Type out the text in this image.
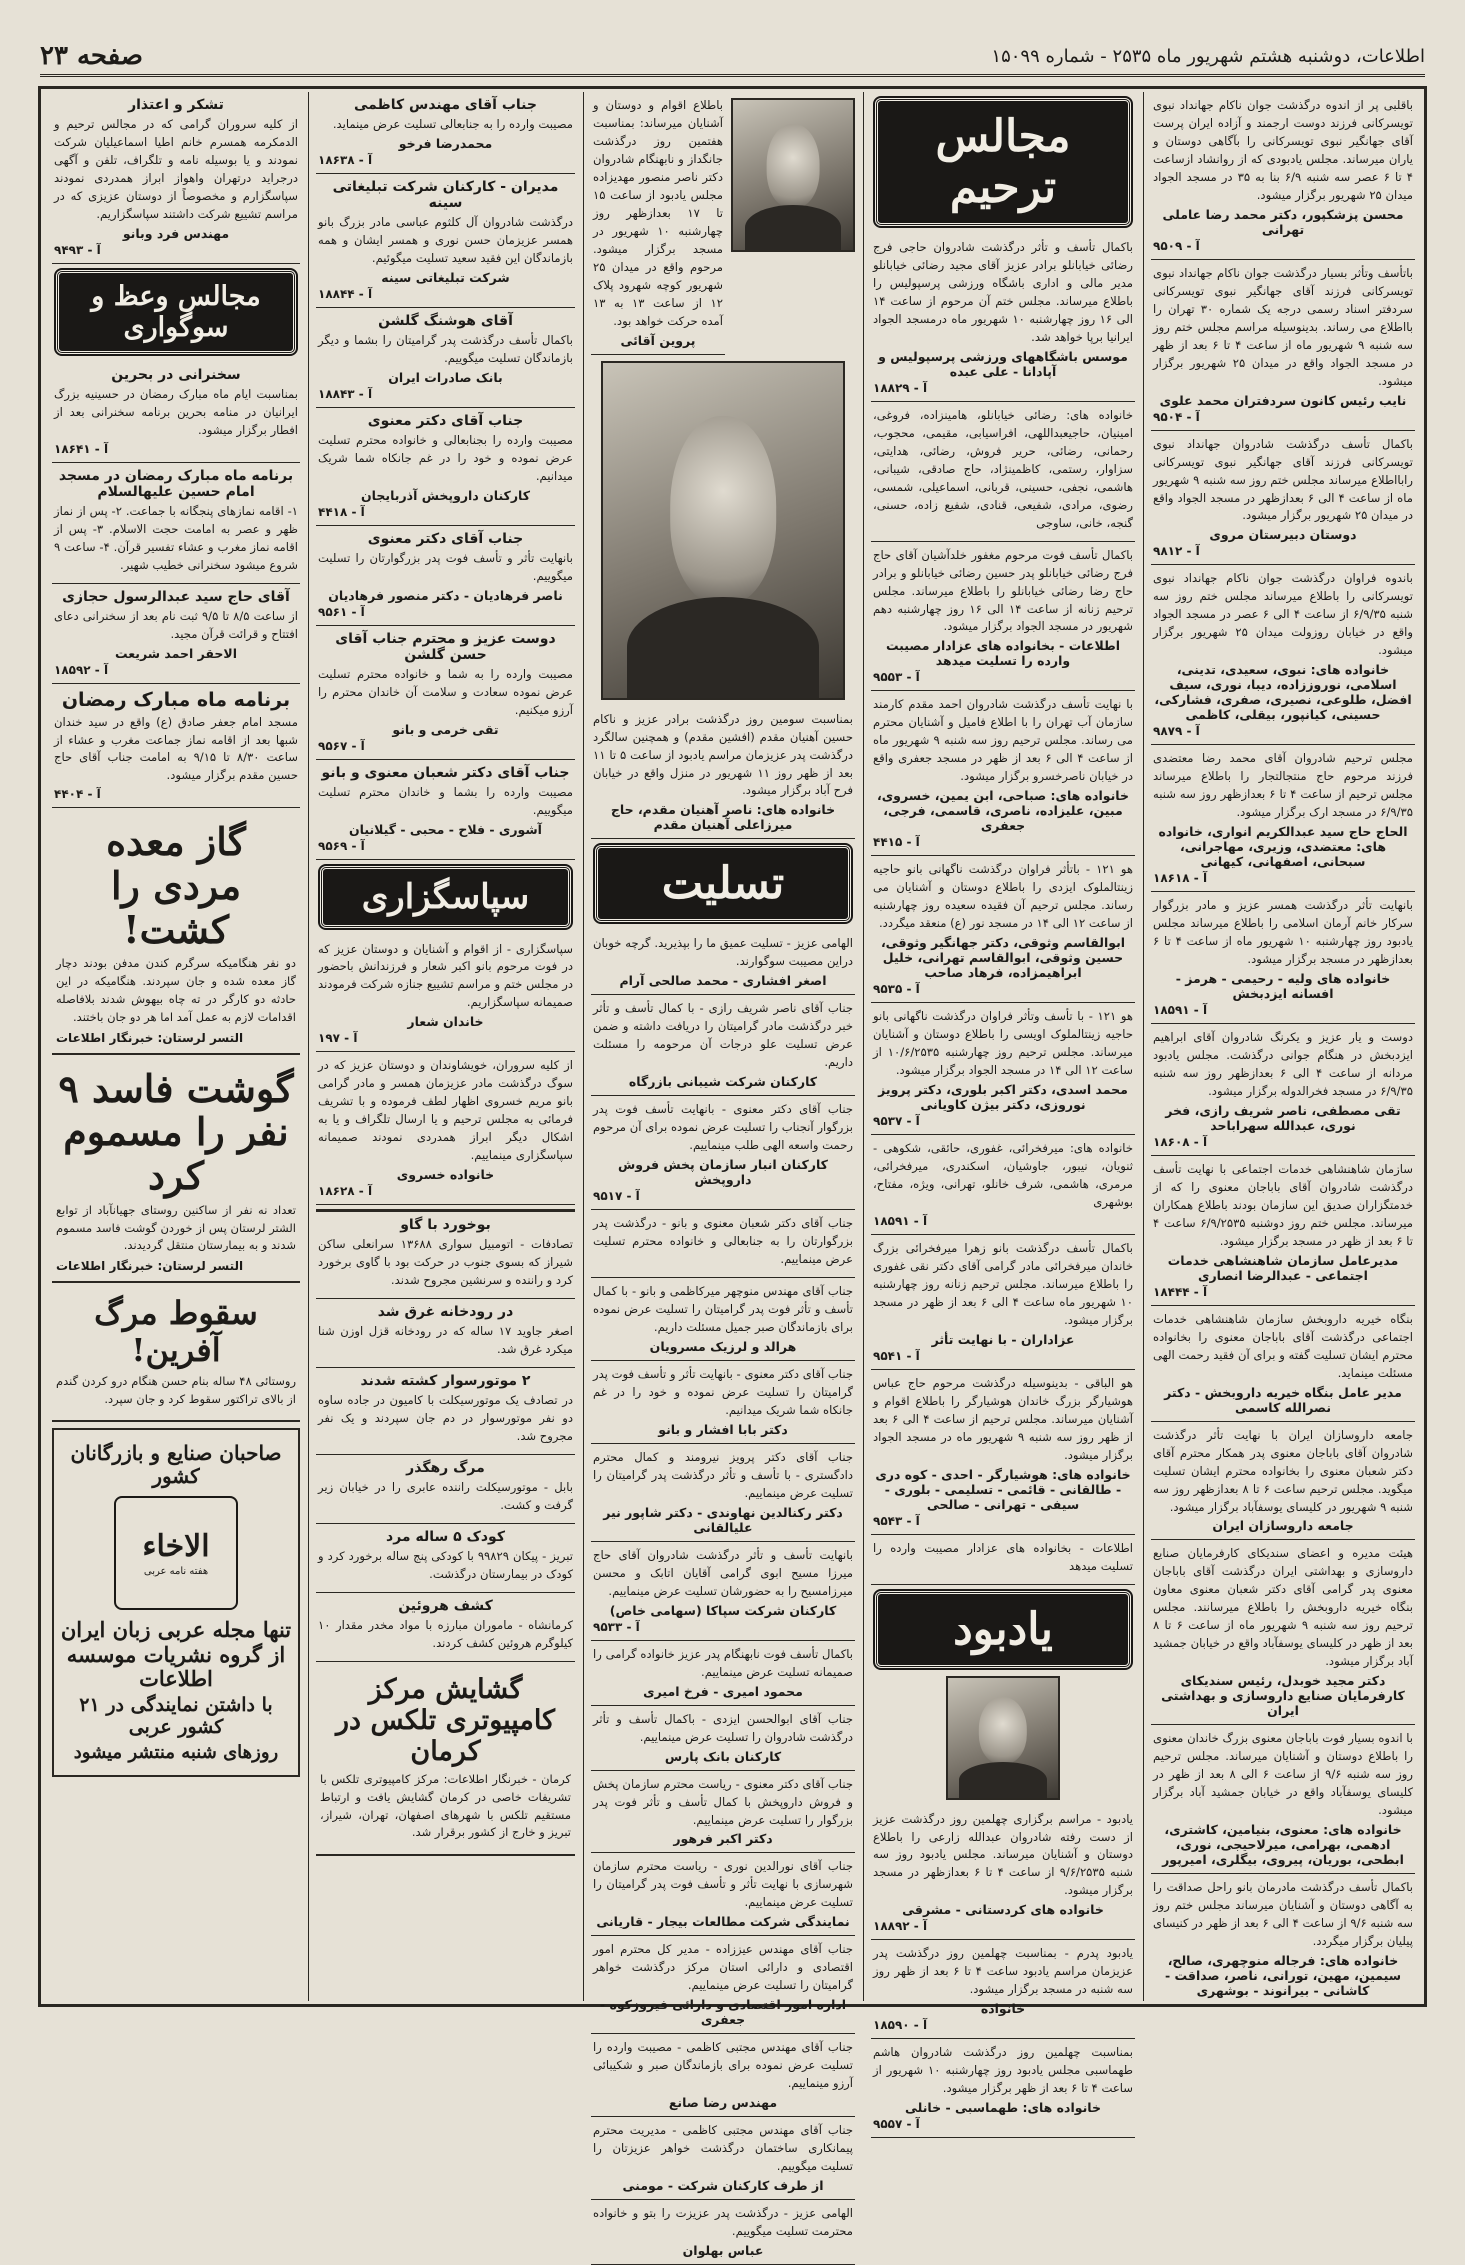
اطلاعات، دوشنبه هشتم شهریور ماه ۲۵۳۵ - شماره ۱۵۰۹۹
صفحه ۲۳

باقلبی پر از اندوه درگذشت جوان ناکام جهانداد نبوی تویسرکانی فرزند دوست ارجمند و آزاده ایران پرست آقای جهانگیر نبوی تویسرکانی را بآگاهی دوستان و یاران میرساند. مجلس یادبودی که از روانشاد ازساعت ۴ تا ۶ عصر سه شنبه ۶/۹ بنا به ۳۵ در مسجد الجواد میدان ۲۵ شهریور برگزار میشود.

محسن پزشکپور، دکتر محمد رضا عاملی تهرانی
۹۵۰۹ - آ

باتأسف وتأثر بسیار درگذشت جوان ناکام جهانداد نبوی تویسرکانی فرزند آقای جهانگیر نبوی تویسرکانی سردفتر اسناد رسمی درجه یک شماره ۳۰ تهران را بااطلاع می رساند. بدینوسیله مراسم مجلس ختم روز سه شنبه ۹ شهریور ماه از ساعت ۴ تا ۶ بعد از ظهر در مسجد الجواد واقع در میدان ۲۵ شهریور برگزار میشود.

نایب رئیس کانون سردفتران محمد علوی
۹۵۰۴ - آ

باکمال تأسف درگذشت شادروان جهانداد نبوی تویسرکانی فرزند آقای جهانگیر نبوی تویسرکانی رابااطلاع میرساند مجلس ختم روز سه شنبه ۹ شهریور ماه از ساعت ۴ الی ۶ بعدازظهر در مسجد الجواد واقع در میدان ۲۵ شهریور برگزار میشود.

دوستان دبیرستان مروی
۹۸۱۲ - آ

باندوه فراوان درگذشت جوان ناکام جهانداد نبوی تویسرکانی را باطلاع میرساند مجلس ختم روز سه شنبه ۶/۹/۳۵ از ساعت ۴ الی ۶ عصر در مسجد الجواد واقع در خیابان روزولت میدان ۲۵ شهریور برگزار میشود.

خانواده های: نبوی، سعیدی، تدینی، اسلامی، نوروززاده، دیبا، نوری، سیف افضل، طلوعی، نصیری، صفری، فشارکی، حسینی، کیانپور، بیقلی، کاظمی
۹۸۷۹ - آ

مجلس ترحیم شادروان آقای محمد رضا معتضدی فرزند مرحوم حاج منتجالتجار را باطلاع میرساند مجلس ترحیم از ساعت ۴ تا ۶ بعدازظهر روز سه شنبه ۶/۹/۳۵ در مسجد ارک برگزار میشود.

الحاج حاج سید عبدالکریم انواری، خانواده های: معتضدی، وزیری، مهاجرانی، سبحانی، اصفهانی، کیهانی
۱۸۶۱۸ - آ

بانهایت تأثر درگذشت همسر عزیز و مادر بزرگوار سرکار خانم آرمان اسلامی را باطلاع میرساند مجلس یادبود روز چهارشنبه ۱۰ شهریور ماه از ساعت ۴ تا ۶ بعدازظهر در مسجد برگزار میشود.

خانواده های ولیه - رحیمی - هرمز - افسانه ایزدبخش
۱۸۵۹۱ - آ

دوست و یار عزیز و یکرنگ شادروان آقای ابراهیم ایزدبخش در هنگام جوانی درگذشت. مجلس یادبود مردانه از ساعت ۴ الی ۶ بعدازظهر روز سه شنبه ۶/۹/۳۵ در مسجد فخرالدوله برگزار میشود.

تقی مصطفی، ناصر شریف رازی، فخر نوری، عبدالله سهراباحد
۱۸۶۰۸ - آ

سازمان شاهنشاهی خدمات اجتماعی با نهایت تأسف درگذشت شادروان آقای باباجان معنوی را که از خدمتگزاران صدیق این سازمان بودند باطلاع همکاران میرساند. مجلس ختم روز دوشنبه ۶/۹/۲۵۳۵ ساعت ۴ تا ۶ بعد از ظهر در مسجد برگزار میشود.

مدیرعامل سازمان شاهنشاهی خدمات اجتماعی - عبدالرضا انصاری
۱۸۴۴۴ - آ

بنگاه خیریه داروبخش سازمان شاهنشاهی خدمات اجتماعی درگذشت آقای باباجان معنوی را بخانواده محترم ایشان تسلیت گفته و برای آن فقید رحمت الهی مسئلت مینماید.

مدیر عامل بنگاه خیریه داروبخش - دکتر نصرالله کاسمی

جامعه داروسازان ایران با نهایت تأثر درگذشت شادروان آقای باباجان معنوی پدر همکار محترم آقای دکتر شعبان معنوی را بخانواده محترم ایشان تسلیت میگوید. مجلس ترحیم ساعت ۶ تا ۸ بعدازظهر روز سه شنبه ۹ شهریور در کلیسای یوسفآباد برگزار میشود.

جامعه داروسازان ایران

هیئت مدیره و اعضای سندیکای کارفرمایان صنایع داروسازی و بهداشتی ایران درگذشت آقای باباجان معنوی پدر گرامی آقای دکتر شعبان معنوی معاون بنگاه خیریه داروبخش را باطلاع میرسانند. مجلس ترحیم روز سه شنبه ۹ شهریور ماه از ساعت ۶ تا ۸ بعد از ظهر در کلیسای یوسفآباد واقع در خیابان جمشید آباد برگزار میشود.

دکتر مجید خوبدل، رئیس سندیکای کارفرمایان صنایع داروسازی و بهداشتی ایران

با اندوه بسیار فوت باباجان معنوی بزرگ خاندان معنوی را باطلاع دوستان و آشنایان میرساند. مجلس ترحیم روز سه شنبه ۹/۶ از ساعت ۶ الی ۸ بعد از ظهر در کلیسای یوسفآباد واقع در خیابان جمشید آباد برگزار میشود.

خانواده های: معنوی، بنیامین، کاشتری، ادهمی، بهرامی، میرلاحیجی، نوری، ابطحی، بوریان، پیروی، بیگلری، امیرپور

باکمال تأسف درگذشت مادرمان بانو راحل صداقت را به آگاهی دوستان و آشنایان میرساند مجلس ختم روز سه شنبه ۹/۶ از ساعت ۴ الی ۶ بعد از ظهر در کنیسای پیلیان برگزار میگردد.

خانواده های: فرجاله منوچهری، صالح، سیمین، مهین، تورانی، ناصر، صداقت - کاشانی - بیرانوند - بوشهری
مجالس ترحیم

باکمال تأسف و تأثر درگذشت شادروان حاجی فرج رضائی خیابانلو برادر عزیز آقای مجید رضائی خیابانلو مدیر مالی و اداری باشگاه ورزشی پرسپولیس را باطلاع میرساند. مجلس ختم آن مرحوم از ساعت ۱۴ الی ۱۶ روز چهارشنبه ۱۰ شهریور ماه درمسجد الجواد ایرانیا برپا خواهد شد.

موسس باشگاههای ورزشی پرسپولیس و آپادانا - علی عبده
۱۸۸۲۹ - آ

خانواده های: رضائی خیابانلو، هامینزاده، فروغی، امینیان، حاجیعبداللهی، افراسیابی، مقیمی، محجوب، رحمانی، رضائی، حریر فروش، رضائی، هدایتی، سزاوار، رستمی، کاظمینژاد، حاج صادقی، شیبانی، هاشمی، نجفی، حسینی، قربانی، اسماعیلی، شمسی، رضوی، مرادی، شفیعی، قنادی، شفیع زاده، حسنی، گنجه، خانی، ساوجی

باکمال تأسف فوت مرحوم مغفور خلدآشیان آقای حاج فرج رضائی خیابانلو پدر حسین رضائی خیابانلو و برادر حاج رضا رضائی خیابانلو را باطلاع میرساند. مجلس ترحیم زنانه از ساعت ۱۴ الی ۱۶ روز چهارشنبه دهم شهریور در مسجد الجواد برگزار میشود.

اطلاعات - بخانواده های عزادار مصیبت وارده را تسلیت میدهد
۹۵۵۳ - آ

با نهایت تأسف درگذشت شادروان احمد مقدم کارمند سازمان آب تهران را با اطلاع فامیل و آشنایان محترم می رساند. مجلس ترحیم روز سه شنبه ۹ شهریور ماه از ساعت ۴ الی ۶ بعد از ظهر در مسجد جعفری واقع در خیابان ناصرخسرو برگزار میشود.

خانواده های: صباحی، ابن یمین، خسروی، مبین، علیزاده، ناصری، قاسمی، فرجی، جعفری
۴۴۱۵ - آ

هو ۱۲۱ - باتأثر فراوان درگذشت ناگهانی بانو حاجیه زینتالملوک ایزدی را باطلاع دوستان و آشنایان می رساند. مجلس ترحیم آن فقیده سعیده روز چهارشنبه از ساعت ۱۲ الی ۱۴ در مسجد نور (ع) منعقد میگردد.

ابوالقاسم وثوقی، دکتر جهانگیر وثوقی، حسین وثوقی، ابوالقاسم تهرانی، خلیل ابراهیمزاده، فرهاد صاحب
۹۵۳۵ - آ

هو ۱۲۱ - با تأسف وتأثر فراوان درگذشت ناگهانی بانو حاجیه زینتالملوک اویسی را باطلاع دوستان و آشنایان میرساند. مجلس ترحیم روز چهارشنبه ۱۰/۶/۲۵۳۵ از ساعت ۱۲ الی ۱۴ در مسجد الجواد برگزار میشود.

محمد اسدی، دکتر اکبر بلوری، دکتر پرویز نوروزی، دکتر بیژن کاویانی
۹۵۳۷ - آ

خانواده های: میرفخرائی، غفوری، حائقی، شکوهی - ثنویان، نیبور، جاوشیان، اسکندری، میرفخرائی، مرمری، هاشمی، شرف خانلو، تهرانی، ویژه، مفتاح، بوشهری

۱۸۵۹۱ - آ

باکمال تأسف درگذشت بانو زهرا میرفخرائی بزرگ خاندان میرفخرائی مادر گرامی آقای دکتر نقی غفوری را باطلاع میرساند. مجلس ترحیم زنانه روز چهارشنبه ۱۰ شهریور ماه ساعت ۴ الی ۶ بعد از ظهر در مسجد برگزار میشود.

عزاداران - با نهایت تأثر
۹۵۴۱ - آ

هو الباقی - بدینوسیله درگذشت مرحوم حاج عباس هوشیارگر بزرگ خاندان هوشیارگر را باطلاع اقوام و آشنایان میرساند. مجلس ترحیم از ساعت ۴ الی ۶ بعد از ظهر روز سه شنبه ۹ شهریور ماه در مسجد الجواد برگزار میشود.

خانواده های: هوشیارگر - احدی - کوه دری - طالقانی - قائمی - تسلیمی - بلوری - سیفی - تهرانی - صالحی
۹۵۴۳ - آ

اطلاعات - بخانواده های عزادار مصیبت وارده را تسلیت میدهد

یادبود

یادبود - مراسم برگزاری چهلمین روز درگذشت عزیز از دست رفته شادروان عبدالله زارعی را باطلاع دوستان و آشنایان میرساند. مجلس یادبود روز سه شنبه ۹/۶/۲۵۳۵ از ساعت ۴ تا ۶ بعدازظهر در مسجد برگزار میشود.

خانواده های کردستانی - مشرقی
۱۸۸۹۲ - آ

یادبود پدرم - بمناسبت چهلمین روز درگذشت پدر عزیزمان مراسم یادبود ساعت ۴ تا ۶ بعد از ظهر روز سه شنبه در مسجد برگزار میشود.

خانواده
۱۸۵۹۰ - آ

بمناسبت چهلمین روز درگذشت شادروان هاشم طهماسبی مجلس یادبود روز چهارشنبه ۱۰ شهریور از ساعت ۴ تا ۶ بعد از ظهر برگزار میشود.

خانواده های: طهماسبی - خانلی
۹۵۵۷ - آ

باطلاع اقوام و دوستان و آشنایان میرساند: بمناسبت هفتمین روز درگذشت جانگداز و نابهنگام شادروان دکتر ناصر منصور مهدیزاده مجلس یادبود از ساعت ۱۵ تا ۱۷ بعدازظهر روز چهارشنبه ۱۰ شهریور در مسجد برگزار میشود. مرحوم واقع در میدان ۲۵ شهریور کوچه شهرود پلاک ۱۲ از ساعت ۱۳ به ۱۳ آمده حرکت خواهد بود.

پروین آقائی

بمناسبت سومین روز درگذشت برادر عزیز و ناکام حسین آهنیان مقدم (افشین مقدم) و همچنین سالگرد درگذشت پدر عزیزمان مراسم یادبود از ساعت ۵ تا ۱۱ بعد از ظهر روز ۱۱ شهریور در منزل واقع در خیابان فرح آباد برگزار میشود.

خانواده های: ناصر آهنیان مقدم، حاج میرزاعلی آهنیان مقدم
تسلیت

الهامی عزیز - تسلیت عمیق ما را بپذیرید. گرچه خوبان دراین مصیبت سوگوارند.

اصغر افشاری - محمد صالحی آرام

جناب آقای ناصر شریف رازی - با کمال تأسف و تأثر خبر درگذشت مادر گرامیتان را دریافت داشته و ضمن عرض تسلیت علو درجات آن مرحومه را مسئلت داریم.

کارکنان شرکت شیبانی بازرگاه

جناب آقای دکتر معنوی - بانهایت تأسف فوت پدر بزرگوار آنجناب را تسلیت عرض نموده برای آن مرحوم رحمت واسعه الهی طلب مینماییم.

کارکنان انبار سازمان پخش فروش داروپخش
۹۵۱۷ - آ

جناب آقای دکتر شعبان معنوی و بانو - درگذشت پدر بزرگوارتان را به جنابعالی و خانواده محترم تسلیت عرض مینماییم.

جناب آقای مهندس منوچهر میرکاظمی و بانو - با کمال تأسف و تأثر فوت پدر گرامیتان را تسلیت عرض نموده برای بازماندگان صبر جمیل مسئلت داریم.

هرالد و لرزیک مسرویان

جناب آقای دکتر معنوی - بانهایت تأثر و تأسف فوت پدر گرامیتان را تسلیت عرض نموده و خود را در غم جانکاه شما شریک میدانیم.

دکتر بابا افشار و بانو

جناب آقای دکتر پرویز نیرومند و کمال محترم دادگستری - با تأسف و تأثر درگذشت پدر گرامیتان را تسلیت عرض مینماییم.

دکتر رکنالدین نهاوندی - دکتر شاپور نیر علیالقانی

بانهایت تأسف و تأثر درگذشت شادروان آقای حاج میرزا مسیح ابوی گرامی آقایان اتابک و محسن میرزامسیح را به حضورشان تسلیت عرض مینماییم.

کارکنان شرکت سپاکا (سهامی خاص)
۹۵۳۳ - آ

باکمال تأسف فوت نابهنگام پدر عزیز خانواده گرامی را صمیمانه تسلیت عرض مینماییم.

محمود امیری - فرخ امیری

جناب آقای ابوالحسن ایزدی - باکمال تأسف و تأثر درگذشت شادروان را تسلیت عرض مینماییم.

کارکنان بانک پارس

جناب آقای دکتر معنوی - ریاست محترم سازمان پخش و فروش داروپخش با کمال تأسف و تأثر فوت پدر بزرگوار را تسلیت عرض مینماییم.

دکتر اکبر فرهور

جناب آقای نورالدین نوری - ریاست محترم سازمان شهرسازی با نهایت تأثر و تأسف فوت پدر گرامیتان را تسلیت عرض مینماییم.

نمایندگی شرکت مطالعات بیجار - قاریانی

جناب آقای مهندس عیززاده - مدیر کل محترم امور اقتصادی و دارائی استان مرکز درگذشت خواهر گرامیتان را تسلیت عرض مینماییم.

اداره امور اقتصادی و دارائی فیروزکوه - جعفری

جناب آقای مهندس مجتبی کاظمی - مصیبت وارده را تسلیت عرض نموده برای بازماندگان صبر و شکیبائی آرزو مینماییم.

مهندس رضا صانع

جناب آقای مهندس مجتبی کاظمی - مدیریت محترم پیمانکاری ساختمان درگذشت خواهر عزیزتان را تسلیت میگوییم.

از طرف کارکنان شرکت - مومنی

الهامی عزیز - درگذشت پدر عزیزت را بتو و خانواده محترمت تسلیت میگوییم.

عباس بهلوان
جناب آقای مهندس کاظمی

مصیبت وارده را به جنابعالی تسلیت عرض مینماید.

محمدرضا فرخو
۱۸۶۳۸ - آ
مدیران - کارکنان شرکت تبلیغاتی سینه

درگذشت شادروان آل کلثوم عباسی مادر بزرگ بانو همسر عزیزمان حسن نوری و همسر ایشان و همه بازماندگان این فقید سعید تسلیت میگوئیم.

شرکت تبلیغاتی سینه
۱۸۸۴۴ - آ
آقای هوشنگ گلشن

باکمال تأسف درگذشت پدر گرامیتان را بشما و دیگر بازماندگان تسلیت میگوییم.

بانک صادرات ایران
۱۸۸۴۳ - آ
جناب آقای دکتر معنوی

مصیبت وارده را بجنابعالی و خانواده محترم تسلیت عرض نموده و خود را در غم جانکاه شما شریک میدانیم.

کارکنان داروپخش آذربایجان
۴۴۱۸ - آ
جناب آقای دکتر معنوی

بانهایت تأثر و تأسف فوت پدر بزرگوارتان را تسلیت میگوییم.

ناصر فرهادیان - دکتر منصور فرهادیان
۹۵۶۱ - آ
دوست عزیز و محترم جناب آقای حسن گلشن

مصیبت وارده را به شما و خانواده محترم تسلیت عرض نموده سعادت و سلامت آن خاندان محترم را آرزو میکنیم.

تقی خرمی و بانو
۹۵۶۷ - آ
جناب آقای دکتر شعبان معنوی و بانو

مصیبت وارده را بشما و خاندان محترم تسلیت میگوییم.

آشوری - فلاح - محبی - گیلانیان
۹۵۶۹ - آ
سپاسگزاری

سپاسگزاری - از اقوام و آشنایان و دوستان عزیز که در فوت مرحوم بانو اکبر شعار و فرزندانش باحضور در مجلس ختم و مراسم تشییع جنازه شرکت فرمودند صمیمانه سپاسگزاریم.

خاندان شعار
۱۹۷ - آ

از کلیه سروران، خویشاوندان و دوستان عزیز که در سوگ درگذشت مادر عزیزمان همسر و مادر گرامی بانو مریم خسروی اظهار لطف فرموده و با تشریف فرمائی به مجلس ترحیم و یا ارسال تلگراف و یا به اشکال دیگر ابراز همدردی نمودند صمیمانه سپاسگزاری مینماییم.

خانواده خسروی
۱۸۶۲۸ - آ
بوخورد با گاو

تصادفات - اتومبیل سواری ۱۳۶۸۸ سرانعلی ساکن شیراز که بسوی جنوب در حرکت بود با گاوی برخورد کرد و راننده و سرنشین مجروح شدند.

در رودخانه غرق شد

اصغر جاوید ۱۷ ساله که در رودخانه قزل اوزن شنا میکرد غرق شد.

۲ موتورسوار کشته شدند

در تصادف یک موتورسیکلت با کامیون در جاده ساوه دو نفر موتورسوار در دم جان سپردند و یک نفر مجروح شد.

مرگ رهگذر

بابل - موتورسیکلت راننده عابری را در خیابان زیر گرفت و کشت.

کودک ۵ ساله مرد

تبریز - پیکان ۹۹۸۲۹ با کودکی پنج ساله برخورد کرد و کودک در بیمارستان درگذشت.

کشف هروئین

کرمانشاه - ماموران مبارزه با مواد مخدر مقدار ۱۰ کیلوگرم هروئین کشف کردند.

گشایش مرکز کامپیوتری تلکس در کرمان

کرمان - خبرنگار اطلاعات: مرکز کامپیوتری تلکس با تشریفات خاصی در کرمان گشایش یافت و ارتباط مستقیم تلکس با شهرهای اصفهان، تهران، شیراز، تبریز و خارج از کشور برقرار شد.

تشکر و اعتذار

از کلیه سروران گرامی که در مجالس ترحیم و الدمکرمه همسرم خانم اطیا اسماعیلیان شرکت نمودند و یا بوسیله نامه و تلگراف، تلفن و آگهی درجراید درتهران واهواز ابراز همدردی نمودند سپاسگزارم و مخصوصاً از دوستان عزیزی که در مراسم تشییع شرکت داشتند سپاسگزاریم.

مهندس فرد وبانو
۹۴۹۳ - آ
مجالس وعظ و سوگواری
سخنرانی در بحرین

بمناسبت ایام ماه مبارک رمضان در حسینیه بزرگ ایرانیان در منامه بحرین برنامه سخنرانی بعد از افطار برگزار میشود.

۱۸۶۴۱ - آ
برنامه ماه مبارک رمضان در مسجد امام حسین علیهالسلام

۱- اقامه نمازهای پنجگانه با جماعت. ۲- پس از نماز ظهر و عصر به امامت حجت الاسلام. ۳- پس از اقامه نماز مغرب و عشاء تفسیر قرآن. ۴- ساعت ۹ شروع میشود سخنرانی خطیب شهیر.

آقای حاج سید عبدالرسول حجازی

از ساعت ۸/۵ تا ۹/۵ ثبت نام بعد از سخنرانی دعای افتتاح و قرائت قرآن مجید.

الاحقر احمد شریعت
۱۸۵۹۲ - آ
برنامه ماه مبارک رمضان

مسجد امام جعفر صادق (ع) واقع در سید خندان شبها بعد از اقامه نماز جماعت مغرب و عشاء از ساعت ۸/۳۰ تا ۹/۱۵ به امامت جناب آقای حاج حسین مقدم برگزار میشود.

۴۴۰۴ - آ
گاز معده مردی را کشت!

دو نفر هنگامیکه سرگرم کندن مدفن بودند دچار گاز معده شده و جان سپردند. هنگامیکه در این حادثه دو کارگر در ته چاه بیهوش شدند بلافاصله اقدامات لازم به عمل آمد اما هر دو جان باختند.

التسر لرستان: خبرنگار اطلاعات
گوشت فاسد ۹ نفر را مسموم کرد

تعداد نه نفر از ساکنین روستای جهیانآباد از توابع الشتر لرستان پس از خوردن گوشت فاسد مسموم شدند و به بیمارستان منتقل گردیدند.

التسر لرستان: خبرنگار اطلاعات
سقوط مرگ آفرین!

روستائی ۴۸ ساله بنام حسن هنگام درو کردن گندم از بالای تراکتور سقوط کرد و جان سپرد.

صاحبان صنایع و بازرگانان کشور
الاخاء
هفته نامه عربی
تنها مجله عربی زبان ایران از گروه نشریات موسسه اطلاعات
با داشتن نمایندگی در ۲۱ کشور عربی
روزهای شنبه منتشر میشود
